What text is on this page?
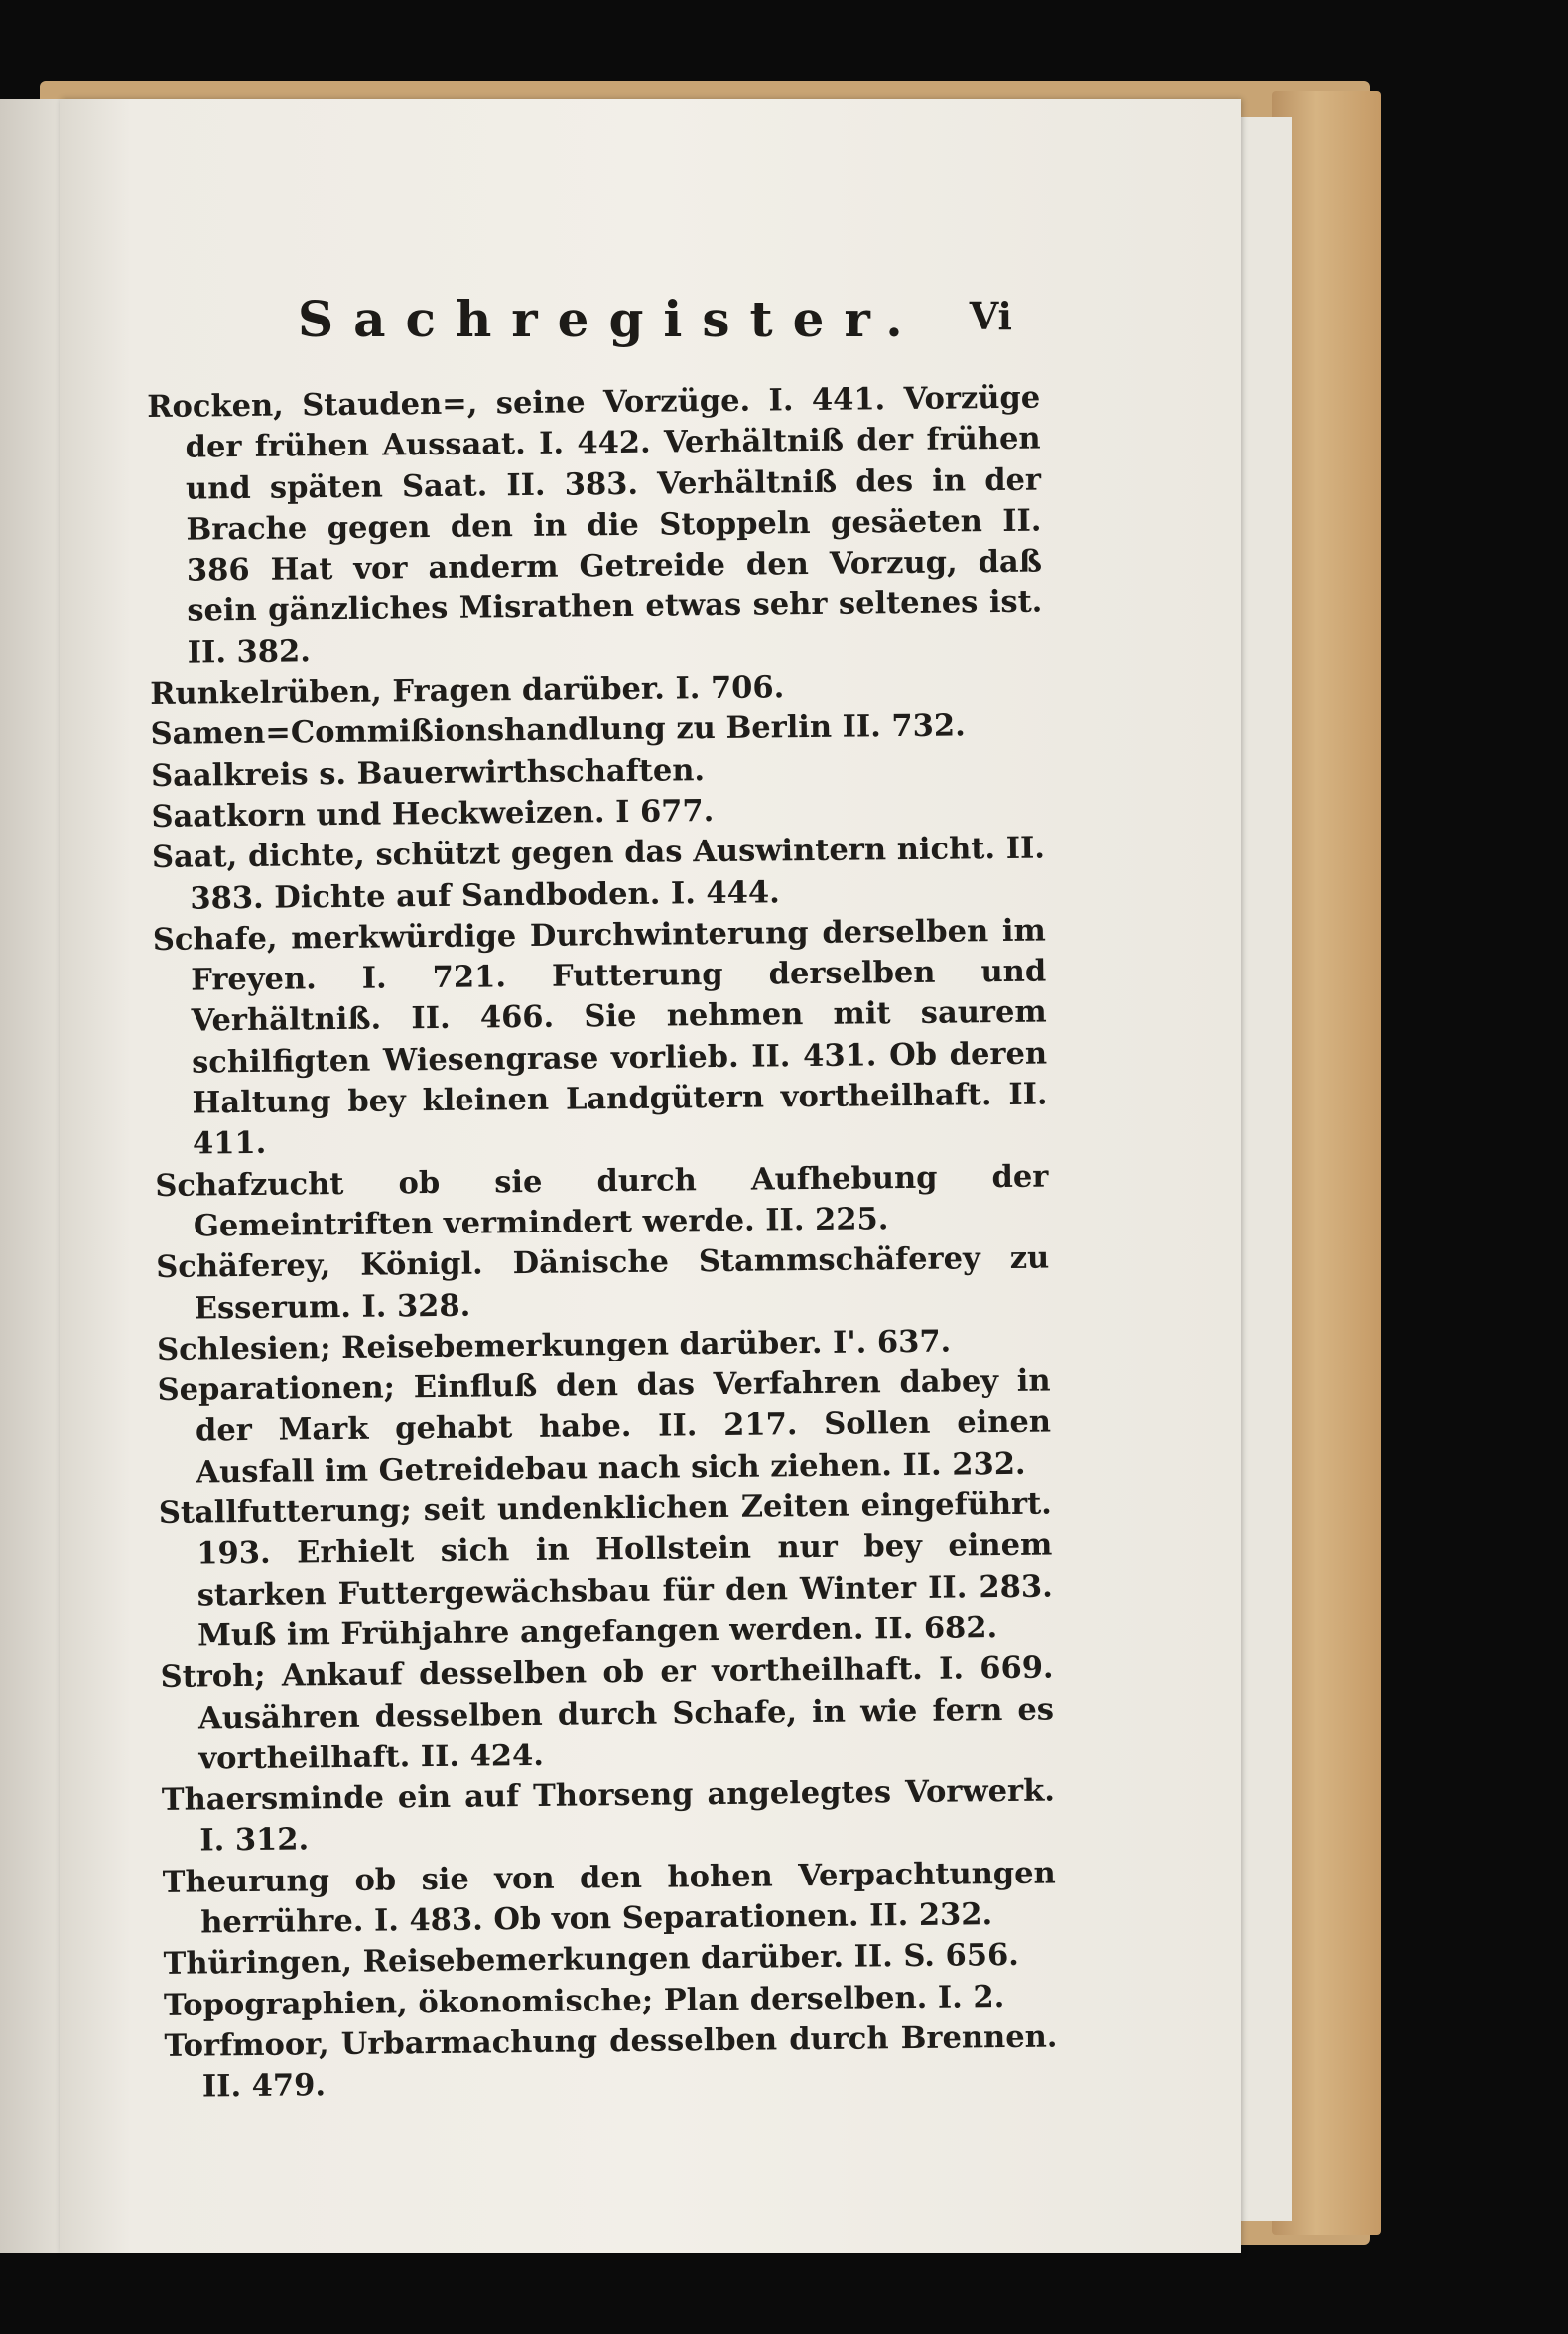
Sachregister. Vi

Rocken, Stauden=, seine Vorzüge. I. 441. Vorzüge der frühen Aussaat. I. 442. Verhältniß der frühen und späten Saat. II. 383. Verhältniß des in der Brache gegen den in die Stoppeln gesäeten II. 386 Hat vor anderm Getreide den Vorzug, daß sein gänzliches Misrathen etwas sehr seltenes ist. II. 382.

Runkelrüben, Fragen darüber. I. 706.

Samen=Commißionshandlung zu Berlin II. 732.

Saalkreis s. Bauerwirthschaften.

Saatkorn und Heckweizen. I 677.

Saat, dichte, schützt gegen das Auswintern nicht. II. 383. Dichte auf Sandboden. I. 444.

Schafe, merkwürdige Durchwinterung derselben im Freyen. I. 721. Futterung derselben und Verhältniß. II. 466. Sie nehmen mit saurem schilfigten Wiesengrase vorlieb. II. 431. Ob deren Haltung bey kleinen Landgütern vortheilhaft. II. 411.

Schafzucht ob sie durch Aufhebung der Gemeintriften vermindert werde. II. 225.

Schäferey, Königl. Dänische Stammschäferey zu Esserum. I. 328.

Schlesien; Reisebemerkungen darüber. I'. 637.

Separationen; Einfluß den das Verfahren dabey in der Mark gehabt habe. II. 217. Sollen einen Ausfall im Getreidebau nach sich ziehen. II. 232.

Stallfutterung; seit undenklichen Zeiten eingeführt. 193. Erhielt sich in Hollstein nur bey einem starken Futtergewächsbau für den Winter II. 283. Muß im Frühjahre angefangen werden. II. 682.

Stroh; Ankauf desselben ob er vortheilhaft. I. 669. Ausähren desselben durch Schafe, in wie fern es vortheilhaft. II. 424.

Thaersminde ein auf Thorseng angelegtes Vorwerk. I. 312.

Theurung ob sie von den hohen Verpachtungen herrühre. I. 483. Ob von Separationen. II. 232.

Thüringen, Reisebemerkungen darüber. II. S. 656.

Topographien, ökonomische; Plan derselben. I. 2.

Torfmoor, Urbarmachung desselben durch Brennen. II. 479.
